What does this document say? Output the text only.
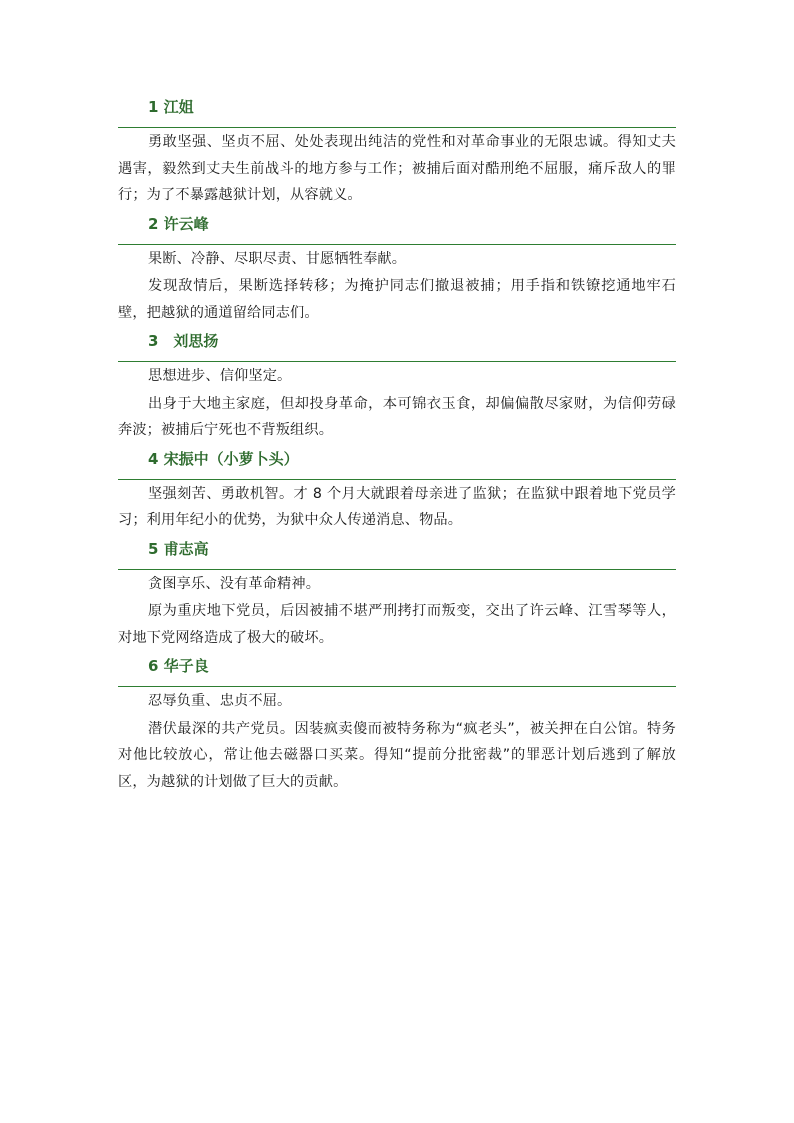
1 江姐

勇敢坚强、坚贞不屈、处处表现出纯洁的党性和对革命事业的无限忠诚。得知丈夫遇害，毅然到丈夫生前战斗的地方参与工作；被捕后面对酷刑绝不屈服，痛斥敌人的罪行；为了不暴露越狱计划，从容就义。

2 许云峰

果断、冷静、尽职尽责、甘愿牺牲奉献。

发现敌情后，果断选择转移；为掩护同志们撤退被捕；用手指和铁镣挖通地牢石壁，把越狱的通道留给同志们。

3　刘思扬

思想进步、信仰坚定。

出身于大地主家庭，但却投身革命，本可锦衣玉食，却偏偏散尽家财，为信仰劳碌奔波；被捕后宁死也不背叛组织。

4 宋振中（小萝卜头）

坚强刻苦、勇敢机智。才 8 个月大就跟着母亲进了监狱；在监狱中跟着地下党员学习；利用年纪小的优势，为狱中众人传递消息、物品。

5 甫志高

贪图享乐、没有革命精神。

原为重庆地下党员，后因被捕不堪严刑拷打而叛变，交出了许云峰、江雪琴等人，对地下党网络造成了极大的破坏。

6 华子良

忍辱负重、忠贞不屈。

潜伏最深的共产党员。因装疯卖傻而被特务称为“疯老头”，被关押在白公馆。特务对他比较放心，常让他去磁器口买菜。得知“提前分批密裁”的罪恶计划后逃到了解放区，为越狱的计划做了巨大的贡献。
